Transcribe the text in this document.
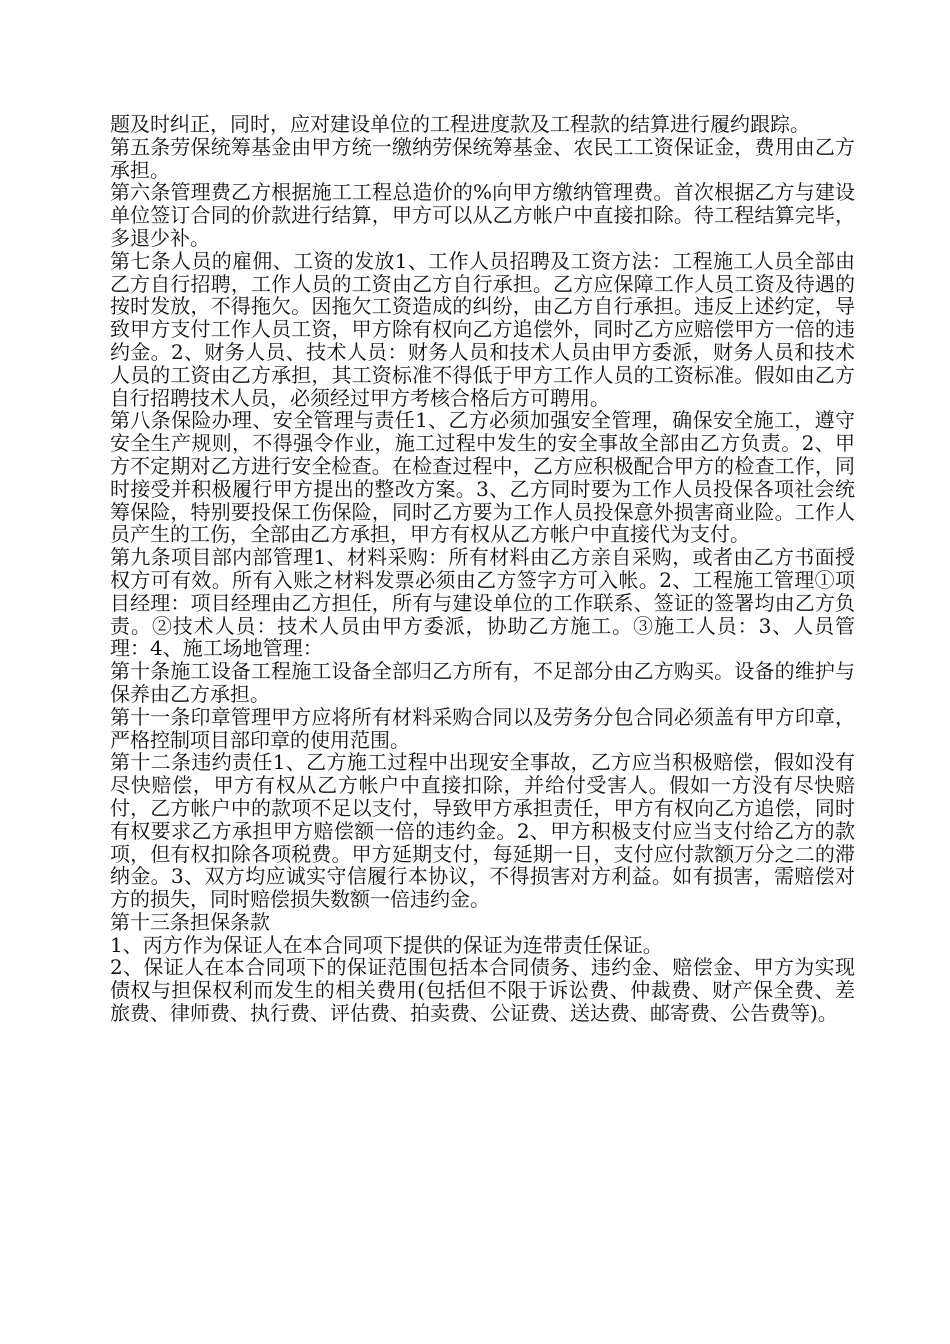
题及时纠正，同时，应对建设单位的工程进度款及工程款的结算进行履约跟踪。

第五条劳保统筹基金由甲方统一缴纳劳保统筹基金、农民工工资保证金，费用由乙方承担。

第六条管理费乙方根据施工工程总造价的%向甲方缴纳管理费。首次根据乙方与建设单位签订合同的价款进行结算，甲方可以从乙方帐户中直接扣除。待工程结算完毕，多退少补。

第七条人员的雇佣、工资的发放1、工作人员招聘及工资方法：工程施工人员全部由乙方自行招聘，工作人员的工资由乙方自行承担。乙方应保障工作人员工资及待遇的按时发放，不得拖欠。因拖欠工资造成的纠纷，由乙方自行承担。违反上述约定，导致甲方支付工作人员工资，甲方除有权向乙方追偿外，同时乙方应赔偿甲方一倍的违约金。2、财务人员、技术人员：财务人员和技术人员由甲方委派，财务人员和技术人员的工资由乙方承担，其工资标准不得低于甲方工作人员的工资标准。假如由乙方自行招聘技术人员，必须经过甲方考核合格后方可聘用。

第八条保险办理、安全管理与责任1、乙方必须加强安全管理，确保安全施工，遵守安全生产规则，不得强令作业，施工过程中发生的安全事故全部由乙方负责。2、甲方不定期对乙方进行安全检查。在检查过程中，乙方应积极配合甲方的检查工作，同时接受并积极履行甲方提出的整改方案。3、乙方同时要为工作人员投保各项社会统筹保险，特别要投保工伤保险，同时乙方要为工作人员投保意外损害商业险。工作人员产生的工伤，全部由乙方承担，甲方有权从乙方帐户中直接代为支付。

第九条项目部内部管理1、材料采购：所有材料由乙方亲自采购，或者由乙方书面授权方可有效。所有入账之材料发票必须由乙方签字方可入帐。2、工程施工管理①项目经理：项目经理由乙方担任，所有与建设单位的工作联系、签证的签署均由乙方负责。②技术人员：技术人员由甲方委派，协助乙方施工。③施工人员：3、人员管理：4、施工场地管理：

第十条施工设备工程施工设备全部归乙方所有，不足部分由乙方购买。设备的维护与保养由乙方承担。

第十一条印章管理甲方应将所有材料采购合同以及劳务分包合同必须盖有甲方印章，严格控制项目部印章的使用范围。

第十二条违约责任1、乙方施工过程中出现安全事故，乙方应当积极赔偿，假如没有尽快赔偿，甲方有权从乙方帐户中直接扣除，并给付受害人。假如一方没有尽快赔付，乙方帐户中的款项不足以支付，导致甲方承担责任，甲方有权向乙方追偿，同时有权要求乙方承担甲方赔偿额一倍的违约金。2、甲方积极支付应当支付给乙方的款项，但有权扣除各项税费。甲方延期支付，每延期一日，支付应付款额万分之二的滞纳金。3、双方均应诚实守信履行本协议，不得损害对方利益。如有损害，需赔偿对方的损失，同时赔偿损失数额一倍违约金。

第十三条担保条款

1、丙方作为保证人在本合同项下提供的保证为连带责任保证。

2、保证人在本合同项下的保证范围包括本合同债务、违约金、赔偿金、甲方为实现债权与担保权利而发生的相关费用(包括但不限于诉讼费、仲裁费、财产保全费、差旅费、律师费、执行费、评估费、拍卖费、公证费、送达费、邮寄费、公告费等)。
